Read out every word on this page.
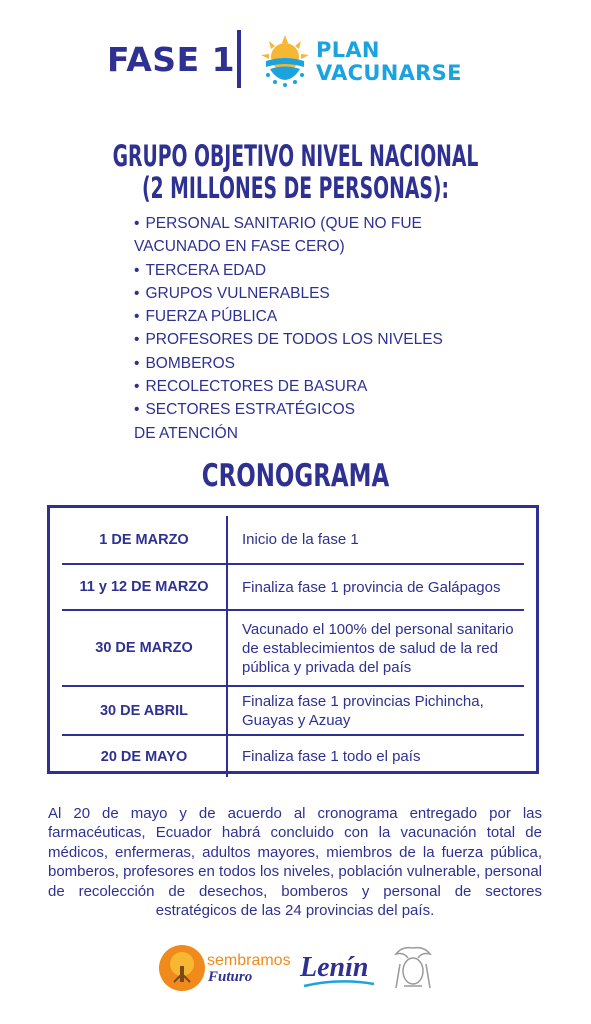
FASE 1	PLAN
VACUNARSE
GRUPO OBJETIVO NIVEL NACIONAL
(2 MILLONES DE PERSONAS):
• PERSONAL SANITARIO (QUE NO FUE
VACUNADO EN FASE CERO)
• TERCERA EDAD
• GRUPOS VULNERABLES
• FUERZA PÚBLICA
• PROFESORES DE TODOS LOS NIVELES
• BOMBEROS
• RECOLECTORES DE BASURA
• SECTORES ESTRATÉGICOS
DE ATENCIÓN
CRONOGRAMA
1 DE MARZO	Inicio de la fase 1
11 y 12 DE MARZO	Finaliza fase 1 provincia de Galápagos
30 DE MARZO	Vacunado el 100% del personal sanitario de establecimientos de salud de la red pública y privada del país
30 DE ABRIL	Finaliza fase 1 provincias Pichincha, Guayas y Azuay
20 DE MAYO	Finaliza fase 1 todo el país
Al 20 de mayo y de acuerdo al cronograma entregado por las farmacéuticas, Ecuador habrá concluido con la vacunación total de médicos, enfermeras, adultos mayores, miembros de la fuerza pública, bomberos, profesores en todos los niveles, población vulnerable, personal de recolección de desechos, bomberos y personal de sectores estratégicos de las 24 provincias del país.
sembramos
Futuro Lenín
